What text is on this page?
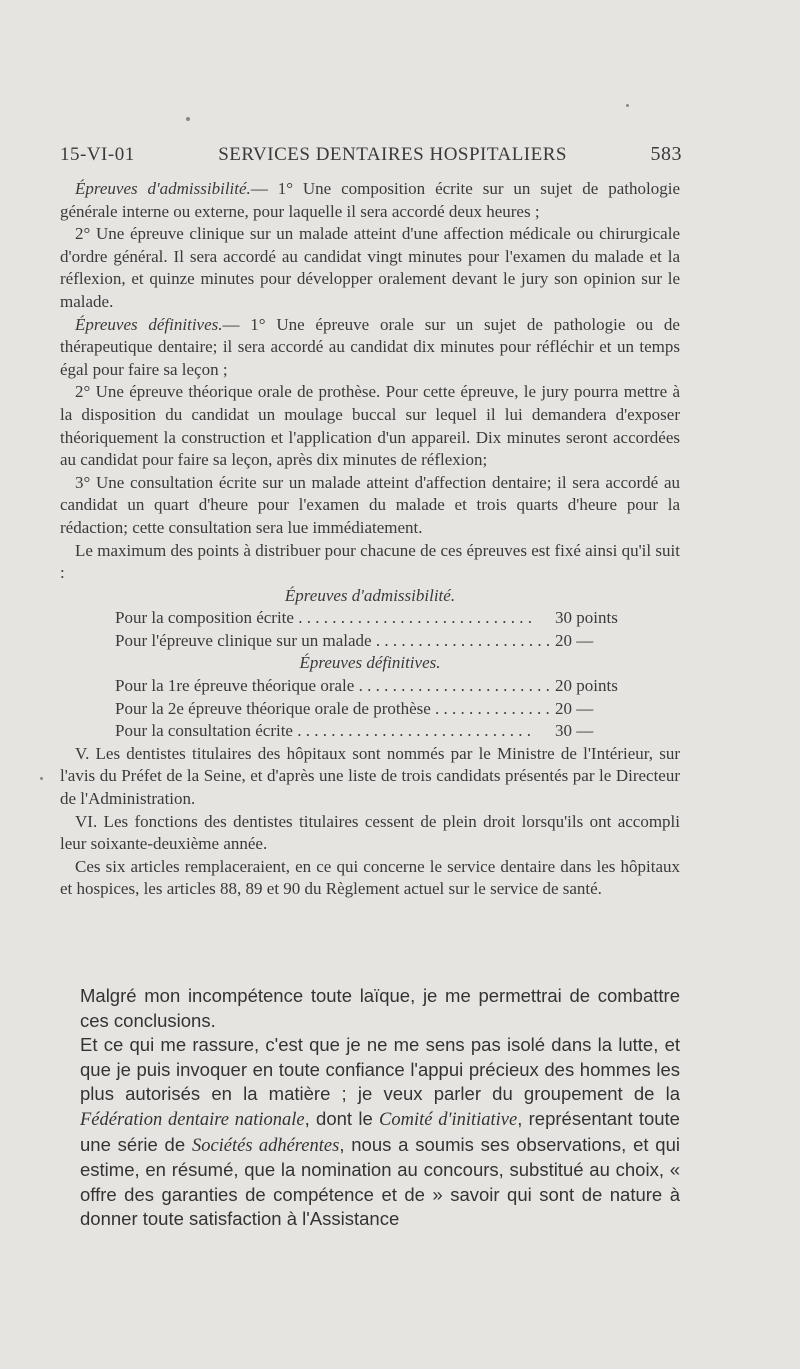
15-VI-01	SERVICES DENTAIRES HOSPITALIERS	583

Épreuves d'admissibilité.— 1° Une composition écrite sur un sujet de pathologie générale interne ou externe, pour laquelle il sera accordé deux heures ;

2° Une épreuve clinique sur un malade atteint d'une affection médicale ou chirurgicale d'ordre général. Il sera accordé au candidat vingt minutes pour l'examen du malade et la réflexion, et quinze minutes pour développer oralement devant le jury son opinion sur le malade.

Épreuves définitives.— 1° Une épreuve orale sur un sujet de pathologie ou de thérapeutique dentaire; il sera accordé au candidat dix minutes pour réfléchir et un temps égal pour faire sa leçon ;

2° Une épreuve théorique orale de prothèse. Pour cette épreuve, le jury pourra mettre à la disposition du candidat un moulage buccal sur lequel il lui demandera d'exposer théoriquement la construction et l'application d'un appareil. Dix minutes seront accordées au candidat pour faire sa leçon, après dix minutes de réflexion;

3° Une consultation écrite sur un malade atteint d'affection dentaire; il sera accordé au candidat un quart d'heure pour l'examen du malade et trois quarts d'heure pour la rédaction; cette consultation sera lue immédiatement.

Le maximum des points à distribuer pour chacune de ces épreuves est fixé ainsi qu'il suit :

Épreuves d'admissibilité.

Pour la composition écrite . . .	30 points
Pour l'épreuve clinique sur un malade . . .	20 —

Épreuves définitives.

Pour la 1re épreuve théorique orale . . .	20 points
Pour la 2e épreuve théorique orale de prothèse . . .	20 —
Pour la consultation écrite . . .	30 —

V. Les dentistes titulaires des hôpitaux sont nommés par le Ministre de l'Intérieur, sur l'avis du Préfet de la Seine, et d'après une liste de trois candidats présentés par le Directeur de l'Administration.

VI. Les fonctions des dentistes titulaires cessent de plein droit lorsqu'ils ont accompli leur soixante-deuxième année.

Ces six articles remplaceraient, en ce qui concerne le service dentaire dans les hôpitaux et hospices, les articles 88, 89 et 90 du Règlement actuel sur le service de santé.

Malgré mon incompétence toute laïque, je me permettrai de combattre ces conclusions.

Et ce qui me rassure, c'est que je ne me sens pas isolé dans la lutte, et que je puis invoquer en toute confiance l'appui précieux des hommes les plus autorisés en la matière ; je veux parler du groupement de la Fédération dentaire nationale, dont le Comité d'initiative, représentant toute une série de Sociétés adhérentes, nous a soumis ses observations, et qui estime, en résumé, que la nomination au concours, substitué au choix, « offre des garanties de compétence et de » savoir qui sont de nature à donner toute satisfaction à l'Assistance
